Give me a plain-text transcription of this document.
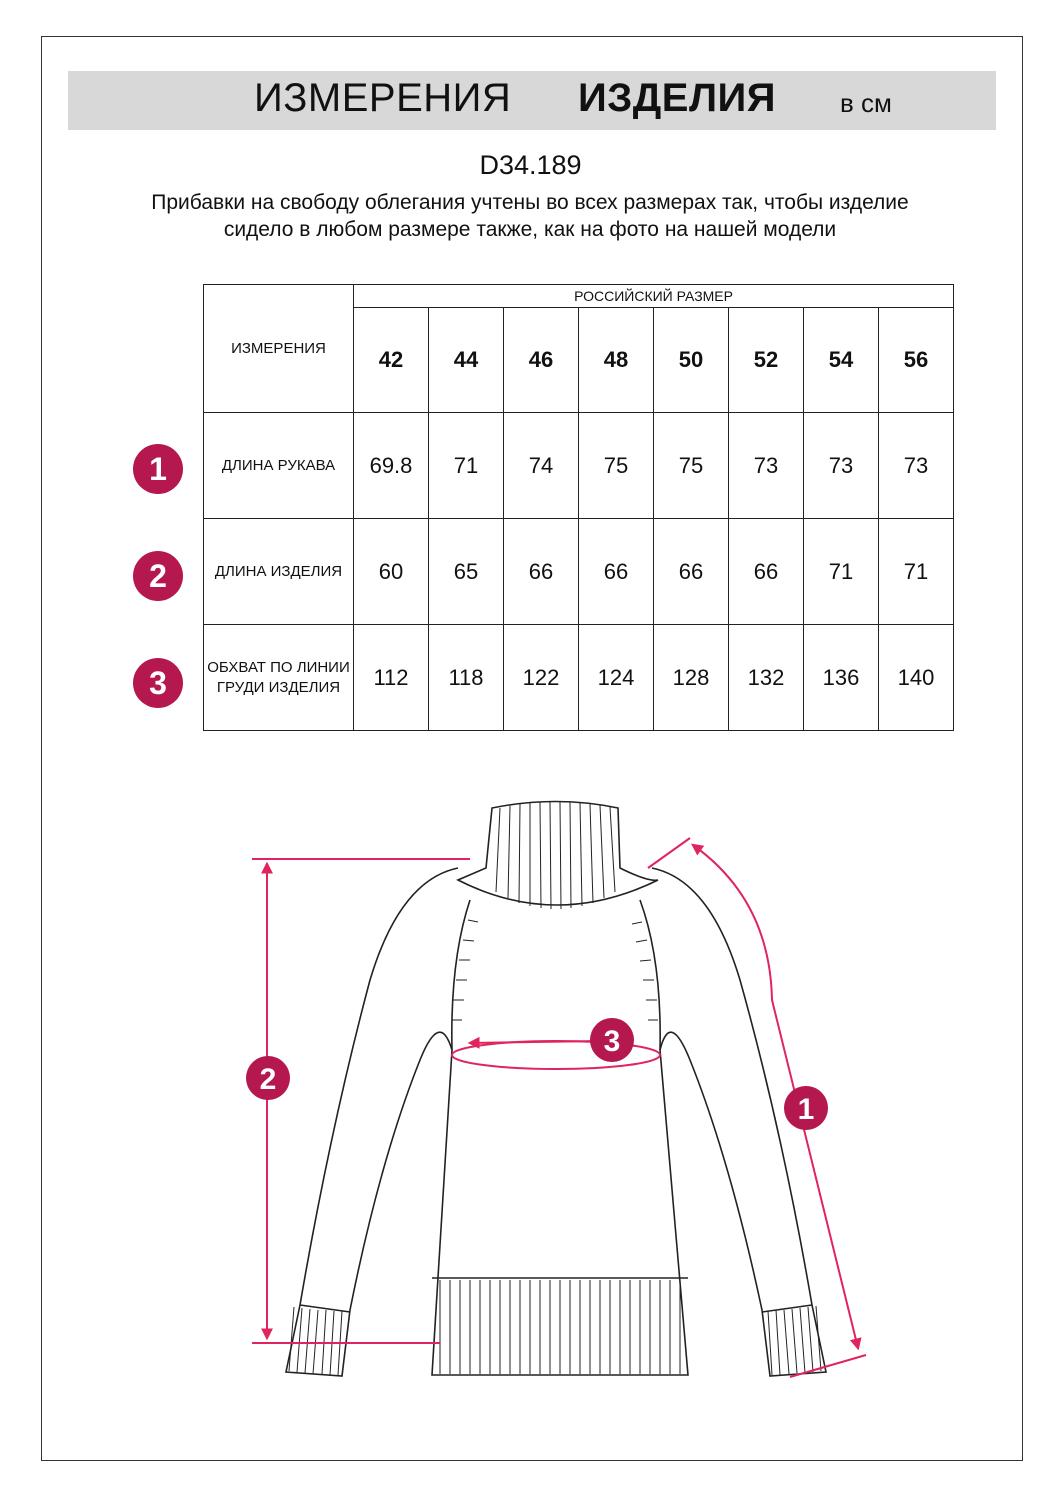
ИЗМЕРЕНИЯ ИЗДЕЛИЯ в см
D34.189
Прибавки на свободу облегания учтены во всех размерах так, чтобы изделие сидело в любом размере также, как на фото на нашей модели
ИЗМЕРЕНИЯ	РОССИЙСКИЙ РАЗМЕР							
	42	44	46	48	50	52	54	56
ДЛИНА РУКАВА	69.8	71	74	75	75	73	73	73
ДЛИНА ИЗДЕЛИЯ	60	65	66	66	66	66	71	71
ОБХВАТ ПО ЛИНИИ ГРУДИ ИЗДЕЛИЯ	112	118	122	124	128	132	136	140
1
2
3
3
2
1
